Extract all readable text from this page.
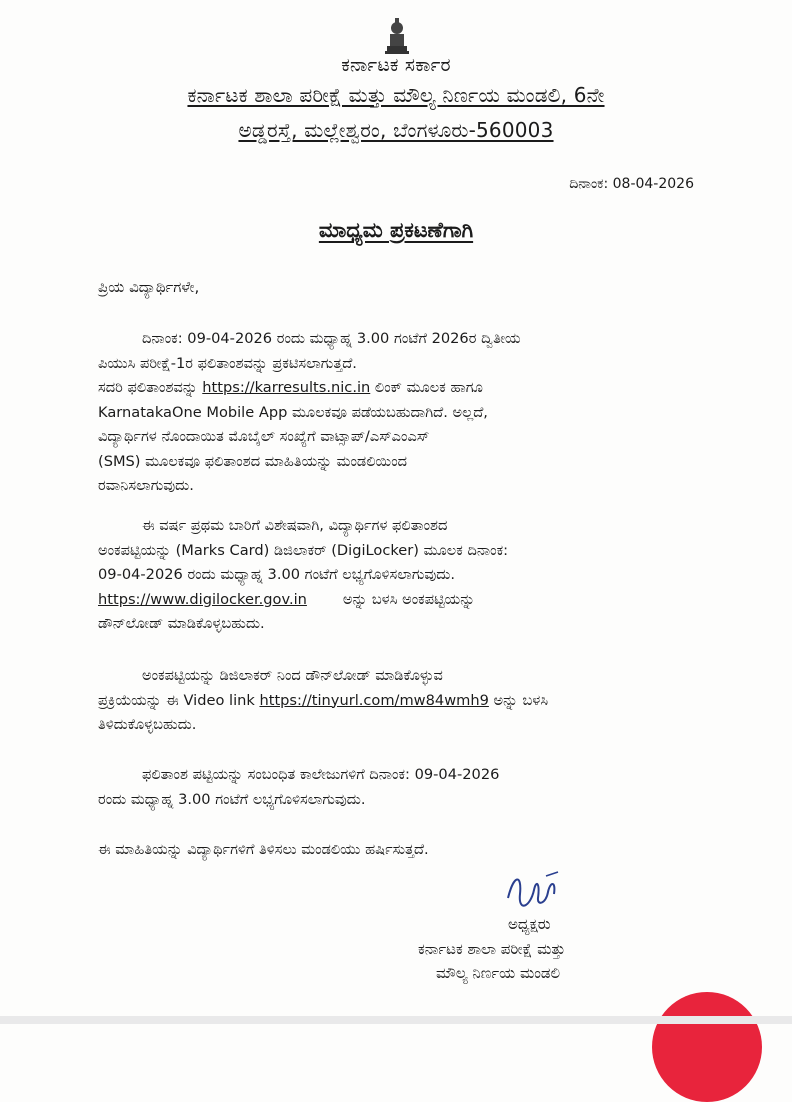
ಕರ್ನಾಟಕ ಸರ್ಕಾರ
ಕರ್ನಾಟಕ ಶಾಲಾ ಪರೀಕ್ಷೆ ಮತ್ತು ಮೌಲ್ಯ ನಿರ್ಣಯ ಮಂಡಲಿ, 6ನೇ
ಅಡ್ಡರಸ್ತೆ, ಮಲ್ಲೇಶ್ವರಂ, ಬೆಂಗಳೂರು-560003
ದಿನಾಂಕ: 08-04-2026
ಮಾಧ್ಯಮ ಪ್ರಕಟಣೆಗಾಗಿ
ಪ್ರಿಯ ವಿದ್ಯಾರ್ಥಿಗಳೇ,
ದಿನಾಂಕ: 09-04-2026 ರಂದು ಮಧ್ಯಾಹ್ನ 3.00 ಗಂಟೆಗೆ 2026ರ ದ್ವಿತೀಯ
ಪಿಯುಸಿ ಪರೀಕ್ಷೆ-1ರ ಫಲಿತಾಂಶವನ್ನು ಪ್ರಕಟಿಸಲಾಗುತ್ತದೆ.
ಸದರಿ ಫಲಿತಾಂಶವನ್ನು https://karresults.nic.in ಲಿಂಕ್ ಮೂಲಕ ಹಾಗೂ
KarnatakaOne Mobile App ಮೂಲಕವೂ ಪಡೆಯಬಹುದಾಗಿದೆ. ಅಲ್ಲದೆ,
ವಿದ್ಯಾರ್ಥಿಗಳ ನೊಂದಾಯಿತ ಮೊಬೈಲ್ ಸಂಖ್ಯೆಗೆ ವಾಟ್ಸಾಪ್/ಎಸ್‌ಎಂಎಸ್
(SMS) ಮೂಲಕವೂ ಫಲಿತಾಂಶದ ಮಾಹಿತಿಯನ್ನು ಮಂಡಲಿಯಿಂದ
ರವಾನಿಸಲಾಗುವುದು.
ಈ ವರ್ಷ ಪ್ರಥಮ ಬಾರಿಗೆ ವಿಶೇಷವಾಗಿ, ವಿದ್ಯಾರ್ಥಿಗಳ ಫಲಿತಾಂಶದ
ಅಂಕಪಟ್ಟಿಯನ್ನು (Marks Card) ಡಿಜಿಲಾಕರ್ (DigiLocker) ಮೂಲಕ ದಿನಾಂಕ:
09-04-2026 ರಂದು ಮಧ್ಯಾಹ್ನ 3.00 ಗಂಟೆಗೆ ಲಭ್ಯಗೊಳಿಸಲಾಗುವುದು.
https://www.digilocker.gov.in ಅನ್ನು ಬಳಸಿ ಅಂಕಪಟ್ಟಿಯನ್ನು
ಡೌನ್‌ಲೋಡ್ ಮಾಡಿಕೊಳ್ಳಬಹುದು.
ಅಂಕಪಟ್ಟಿಯನ್ನು ಡಿಜಿಲಾಕರ್ ನಿಂದ ಡೌನ್‌ಲೋಡ್ ಮಾಡಿಕೊಳ್ಳುವ
ಪ್ರಕ್ರಿಯೆಯನ್ನು ಈ Video link https://tinyurl.com/mw84wmh9 ಅನ್ನು ಬಳಸಿ
ತಿಳಿದುಕೊಳ್ಳಬಹುದು.
ಫಲಿತಾಂಶ ಪಟ್ಟಿಯನ್ನು ಸಂಬಂಧಿತ ಕಾಲೇಜುಗಳಿಗೆ ದಿನಾಂಕ: 09-04-2026
ರಂದು ಮಧ್ಯಾಹ್ನ 3.00 ಗಂಟೆಗೆ ಲಭ್ಯಗೊಳಿಸಲಾಗುವುದು.
ಈ ಮಾಹಿತಿಯನ್ನು ವಿದ್ಯಾರ್ಥಿಗಳಿಗೆ ತಿಳಿಸಲು ಮಂಡಲಿಯು ಹರ್ಷಿಸುತ್ತದೆ.
ಅಧ್ಯಕ್ಷರು
ಕರ್ನಾಟಕ ಶಾಲಾ ಪರೀಕ್ಷೆ ಮತ್ತು
ಮೌಲ್ಯ ನಿರ್ಣಯ ಮಂಡಲಿ
